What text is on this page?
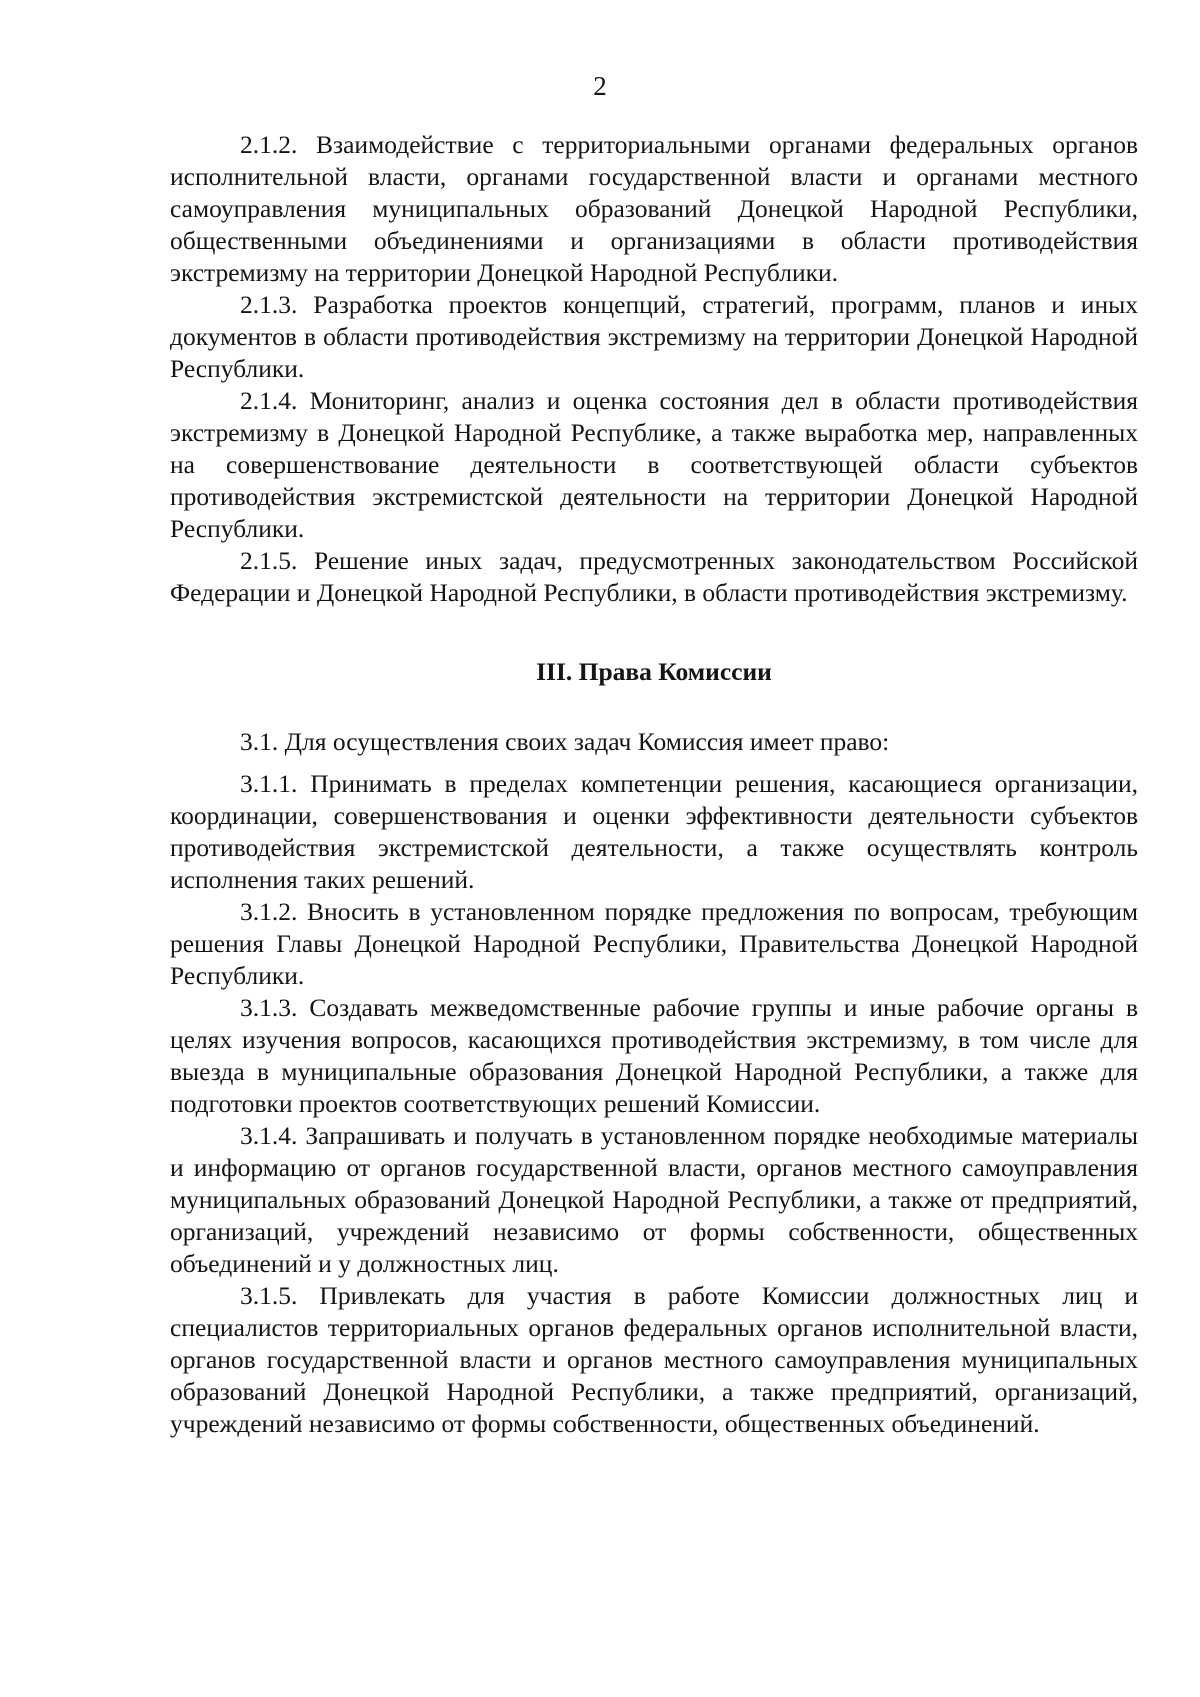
2

2.1.2. Взаимодействие с территориальными органами федеральных органов исполнительной власти, органами государственной власти и органами местного самоуправления муниципальных образований Донецкой Народной Республики, общественными объединениями и организациями в области противодействия экстремизму на территории Донецкой Народной Республики.

2.1.3. Разработка проектов концепций, стратегий, программ, планов и иных документов в области противодействия экстремизму на территории Донецкой Народной Республики.

2.1.4. Мониторинг, анализ и оценка состояния дел в области противодействия экстремизму в Донецкой Народной Республике, а также выработка мер, направленных на совершенствование деятельности в соответствующей области субъектов противодействия экстремистской деятельности на территории Донецкой Народной Республики.

2.1.5. Решение иных задач, предусмотренных законодательством Российской Федерации и Донецкой Народной Республики, в области противодействия экстремизму.

III. Права Комиссии

3.1. Для осуществления своих задач Комиссия имеет право:

3.1.1. Принимать в пределах компетенции решения, касающиеся организации, координации, совершенствования и оценки эффективности деятельности субъектов противодействия экстремистской деятельности, а также осуществлять контроль исполнения таких решений.

3.1.2. Вносить в установленном порядке предложения по вопросам, требующим решения Главы Донецкой Народной Республики, Правительства Донецкой Народной Республики.

3.1.3. Создавать межведомственные рабочие группы и иные рабочие органы в целях изучения вопросов, касающихся противодействия экстремизму, в том числе для выезда в муниципальные образования Донецкой Народной Республики, а также для подготовки проектов соответствующих решений Комиссии.

3.1.4. Запрашивать и получать в установленном порядке необходимые материалы и информацию от органов государственной власти, органов местного самоуправления муниципальных образований Донецкой Народной Республики, а также от предприятий, организаций, учреждений независимо от формы собственности, общественных объединений и у должностных лиц.

3.1.5. Привлекать для участия в работе Комиссии должностных лиц и специалистов территориальных органов федеральных органов исполнительной власти, органов государственной власти и органов местного самоуправления муниципальных образований Донецкой Народной Республики, а также предприятий, организаций, учреждений независимо от формы собственности, общественных объединений.
